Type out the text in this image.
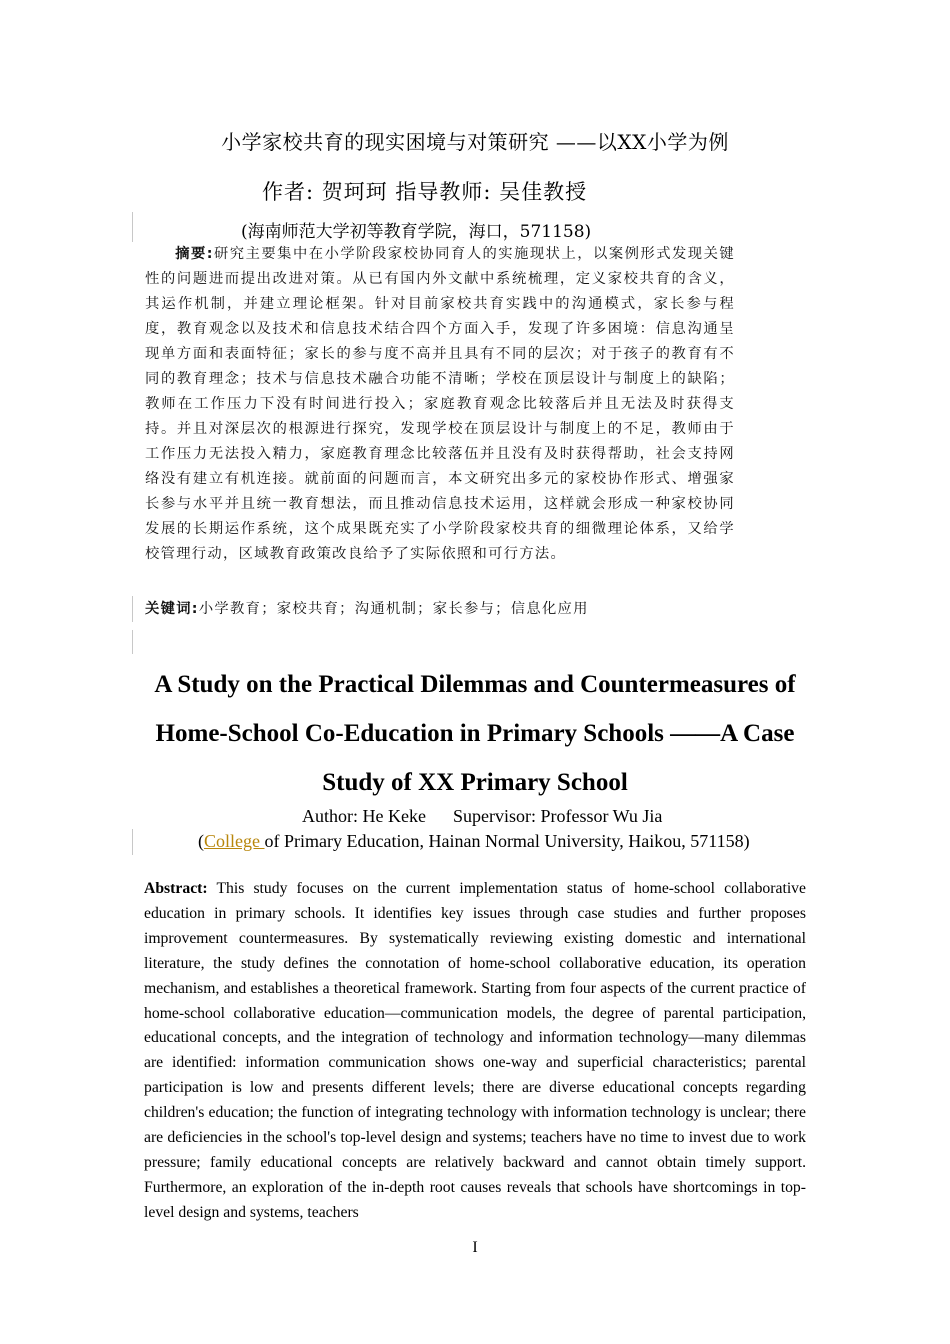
小学家校共育的现实困境与对策研究 ——以XX小学为例
作者: 贺珂珂 指导教师: 吴佳教授
(海南师范大学初等教育学院，海口，571158)
摘要:研究主要集中在小学阶段家校协同育人的实施现状上，以案例形式发现关键性的问题进而提出改进对策。从已有国内外文献中系统梳理，定义家校共育的含义，其运作机制，并建立理论框架。针对目前家校共育实践中的沟通模式，家长参与程度，教育观念以及技术和信息技术结合四个方面入手，发现了许多困境：信息沟通呈现单方面和表面特征；家长的参与度不高并且具有不同的层次；对于孩子的教育有不同的教育理念；技术与信息技术融合功能不清晰；学校在顶层设计与制度上的缺陷；教师在工作压力下没有时间进行投入；家庭教育观念比较落后并且无法及时获得支持。并且对深层次的根源进行探究，发现学校在顶层设计与制度上的不足，教师由于工作压力无法投入精力，家庭教育理念比较落伍并且没有及时获得帮助，社会支持网络没有建立有机连接。就前面的问题而言，本文研究出多元的家校协作形式、增强家长参与水平并且统一教育想法，而且推动信息技术运用，这样就会形成一种家校协同发展的长期运作系统，这个成果既充实了小学阶段家校共育的细微理论体系，又给学校管理行动，区域教育政策改良给予了实际依照和可行方法。
关键词:小学教育；家校共育；沟通机制；家长参与；信息化应用
A Study on the Practical Dilemmas and Countermeasures of Home-School Co-Education in Primary Schools ——A Case Study of XX Primary School
Author: He Keke      Supervisor: Professor Wu Jia
(College of Primary Education, Hainan Normal University, Haikou, 571158)
Abstract: This study focuses on the current implementation status of home-school collaborative education in primary schools. It identifies key issues through case studies and further proposes improvement countermeasures. By systematically reviewing existing domestic and international literature, the study defines the connotation of home-school collaborative education, its operation mechanism, and establishes a theoretical framework. Starting from four aspects of the current practice of home-school collaborative education—communication models, the degree of parental participation, educational concepts, and the integration of technology and information technology—many dilemmas are identified: information communication shows one-way and superficial characteristics; parental participation is low and presents different levels; there are diverse educational concepts regarding children's education; the function of integrating technology with information technology is unclear; there are deficiencies in the school's top-level design and systems; teachers have no time to invest due to work pressure; family educational concepts are relatively backward and cannot obtain timely support. Furthermore, an exploration of the in-depth root causes reveals that schools have shortcomings in top-level design and systems, teachers
I
